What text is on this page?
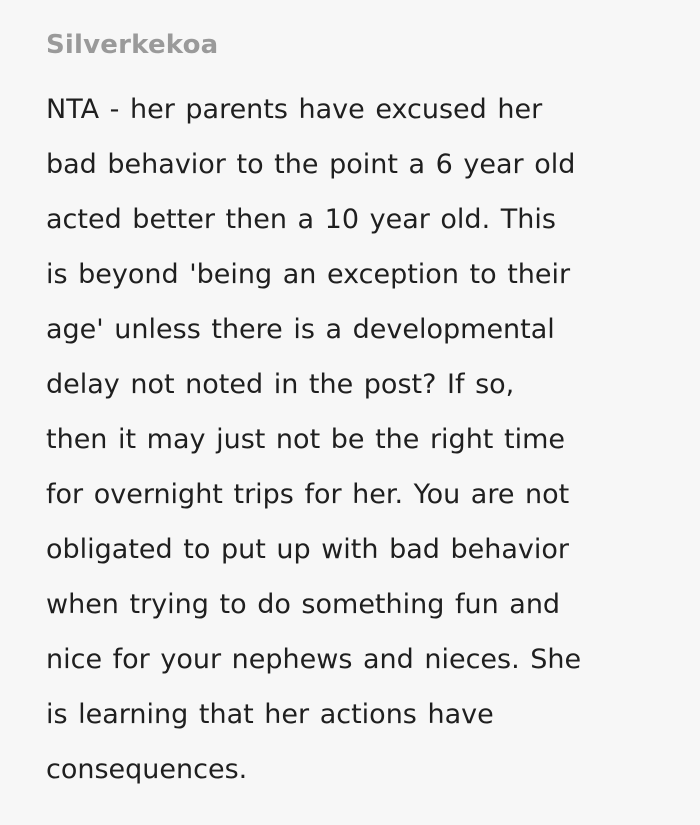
Silverkekoa
NTA - her parents have excused her
bad behavior to the point a 6 year old
acted better then a 10 year old. This
is beyond 'being an exception to their
age' unless there is a developmental
delay not noted in the post? If so,
then it may just not be the right time
for overnight trips for her. You are not
obligated to put up with bad behavior
when trying to do something fun and
nice for your nephews and nieces. She
is learning that her actions have
consequences.
